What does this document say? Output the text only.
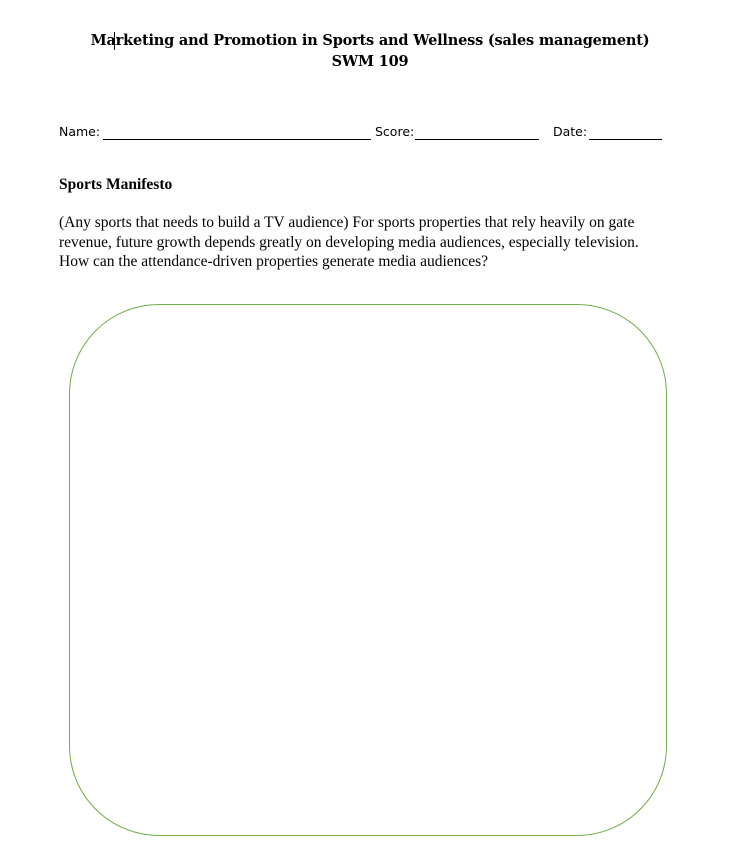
Marketing and Promotion in Sports and Wellness (sales management)
SWM 109
Name:	Score:	Date:
Sports Manifesto
(Any sports that needs to build a TV audience) For sports properties that rely heavily on gate
revenue, future growth depends greatly on developing media audiences, especially television.
How can the attendance-driven properties generate media audiences?
